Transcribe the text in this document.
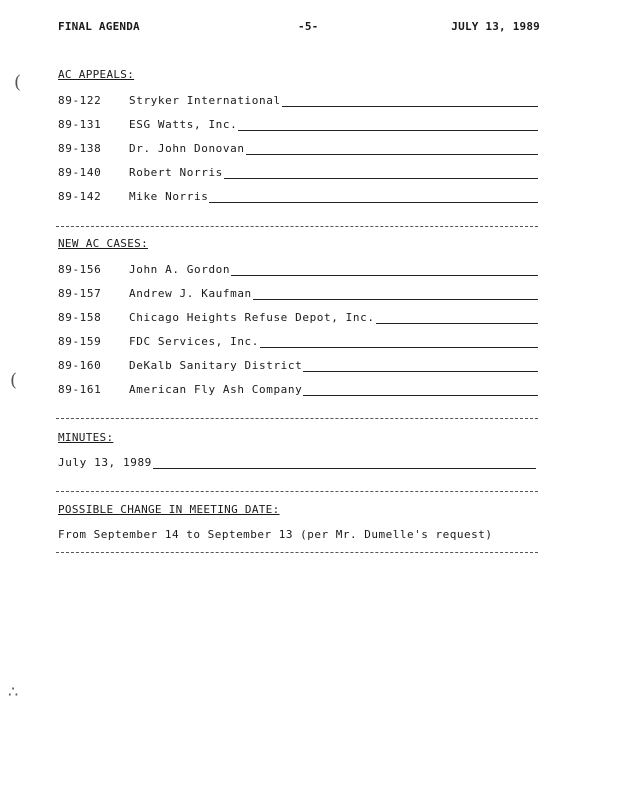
FINAL AGENDA	-5-	JULY 13, 1989
AC APPEALS:
89-122	Stryker International
89-131	ESG Watts, Inc.
89-138	Dr. John Donovan
89-140	Robert Norris
89-142	Mike Norris
NEW AC CASES:
89-156	John A. Gordon
89-157	Andrew J. Kaufman
89-158	Chicago Heights Refuse Depot, Inc.
89-159	FDC Services, Inc.
89-160	DeKalb Sanitary District
89-161	American Fly Ash Company
MINUTES:
July 13, 1989
POSSIBLE CHANGE IN MEETING DATE:
From September 14 to September 13 (per Mr. Dumelle's request)
(
(
∴
